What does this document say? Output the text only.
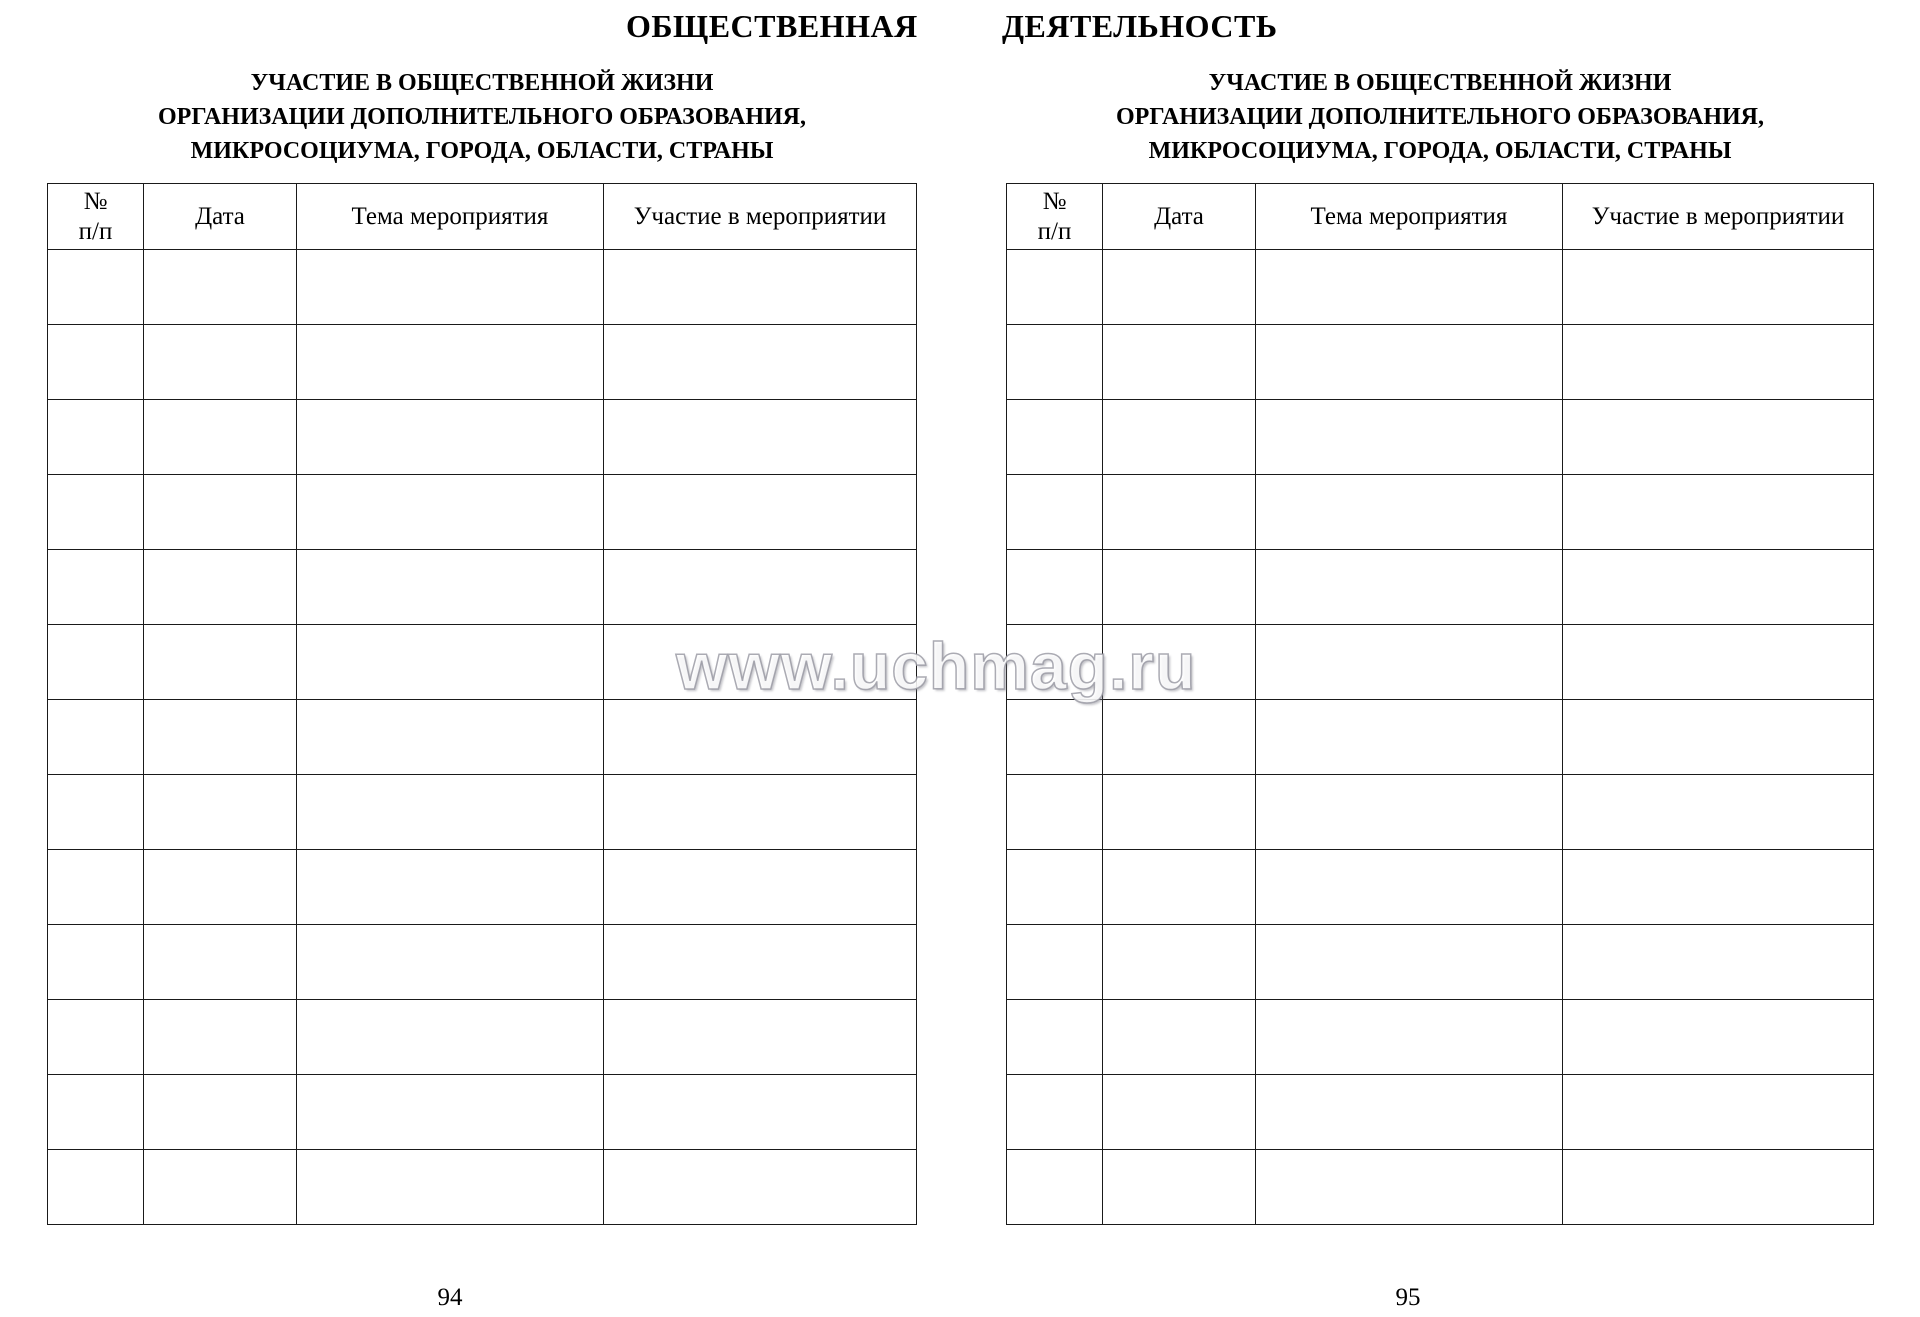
ОБЩЕСТВЕННАЯ	ДЕЯТЕЛЬНОСТЬ
УЧАСТИЕ В ОБЩЕСТВЕННОЙ ЖИЗНИ
ОРГАНИЗАЦИИ ДОПОЛНИТЕЛЬНОГО ОБРАЗОВАНИЯ,
МИКРОСОЦИУМА, ГОРОДА, ОБЛАСТИ, СТРАНЫ
№
п/п	Дата	Тема мероприятия	Участие в мероприятии

94
УЧАСТИЕ В ОБЩЕСТВЕННОЙ ЖИЗНИ
ОРГАНИЗАЦИИ ДОПОЛНИТЕЛЬНОГО ОБРАЗОВАНИЯ,
МИКРОСОЦИУМА, ГОРОДА, ОБЛАСТИ, СТРАНЫ
№
п/п	Дата	Тема мероприятия	Участие в мероприятии

95
www.uchmag.ru
